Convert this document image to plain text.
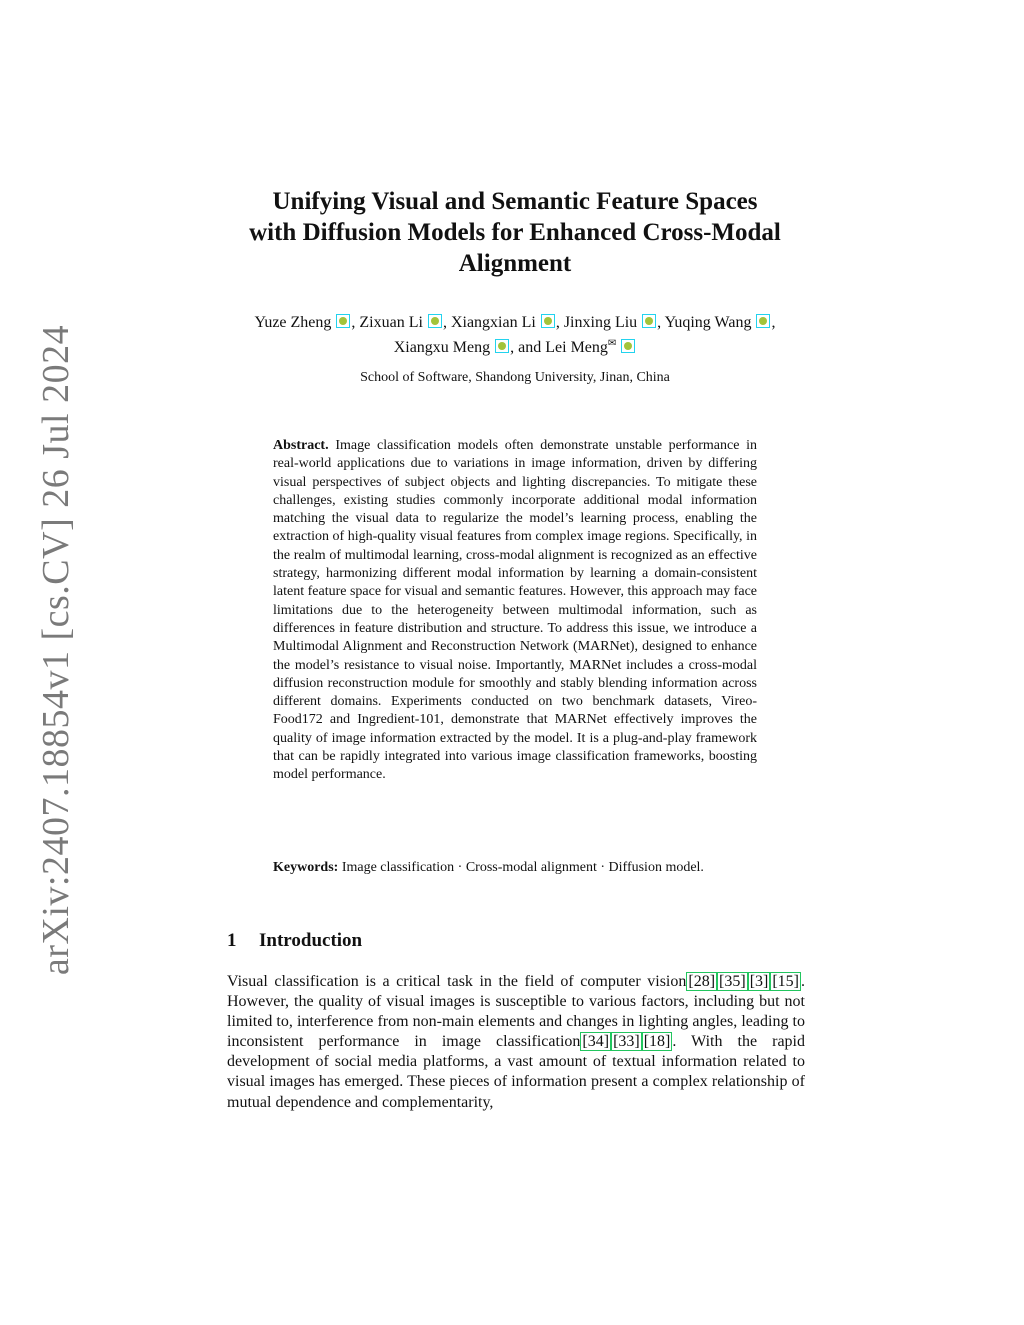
arXiv:2407.18854v1 [cs.CV] 26 Jul 2024
Unifying Visual and Semantic Feature Spaces
with Diffusion Models for Enhanced Cross-Modal
Alignment
Yuze Zheng , Zixuan Li , Xiangxian Li , Jinxing Liu , Yuqing Wang ,
Xiangxu Meng , and Lei Meng✉
School of Software, Shandong University, Jinan, China
Abstract. Image classification models often demonstrate unstable performance in real-world applications due to variations in image information, driven by differing visual perspectives of subject objects and lighting discrepancies. To mitigate these challenges, existing studies commonly incorporate additional modal information matching the visual data to regularize the model’s learning process, enabling the extraction of high-quality visual features from complex image regions. Specifically, in the realm of multimodal learning, cross-modal alignment is recognized as an effective strategy, harmonizing different modal information by learning a domain-consistent latent feature space for visual and semantic features. However, this approach may face limitations due to the heterogeneity between multimodal information, such as differences in feature distribution and structure. To address this issue, we introduce a Multimodal Alignment and Reconstruction Network (MARNet), designed to enhance the model’s resistance to visual noise. Importantly, MARNet includes a cross-modal diffusion reconstruction module for smoothly and stably blending information across different domains. Experiments conducted on two benchmark datasets, Vireo-Food172 and Ingredient-101, demonstrate that MARNet effectively improves the quality of image information extracted by the model. It is a plug-and-play framework that can be rapidly integrated into various image classification frameworks, boosting model performance.
Keywords: Image classification · Cross-modal alignment · Diffusion model.
1 Introduction
Visual classification is a critical task in the field of computer vision [28] [35] [3] [15] . However, the quality of visual images is susceptible to various factors, including but not limited to, interference from non-main elements and changes in lighting angles, leading to inconsistent performance in image classification [34] [33] [18] . With the rapid development of social media platforms, a vast amount of textual information related to visual images has emerged. These pieces of information present a complex relationship of mutual dependence and complementarity,
